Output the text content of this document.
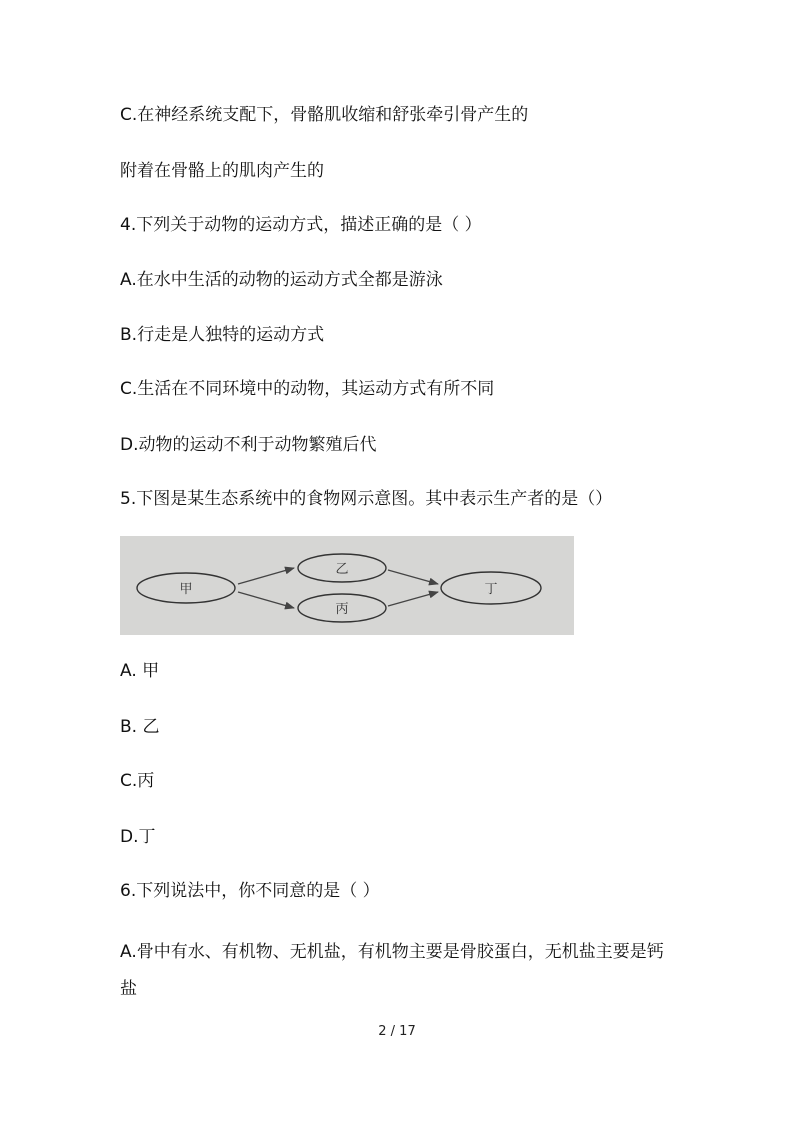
C.在神经系统支配下，骨骼肌收缩和舒张牵引骨产生的
附着在骨骼上的肌肉产生的
4.下列关于动物的运动方式，描述正确的是（ ）
A.在水中生活的动物的运动方式全都是游泳
B.行走是人独特的运动方式
C.生活在不同环境中的动物，其运动方式有所不同
D.动物的运动不利于动物繁殖后代
5.下图是某生态系统中的食物网示意图。其中表示生产者的是（）
甲
乙
丙
丁
A. 甲
B. 乙
C.丙
D.丁
6.下列说法中，你不同意的是（ ）
A.骨中有水、有机物、无机盐，有机物主要是骨胶蛋白，无机盐主要是钙盐
2 / 17
